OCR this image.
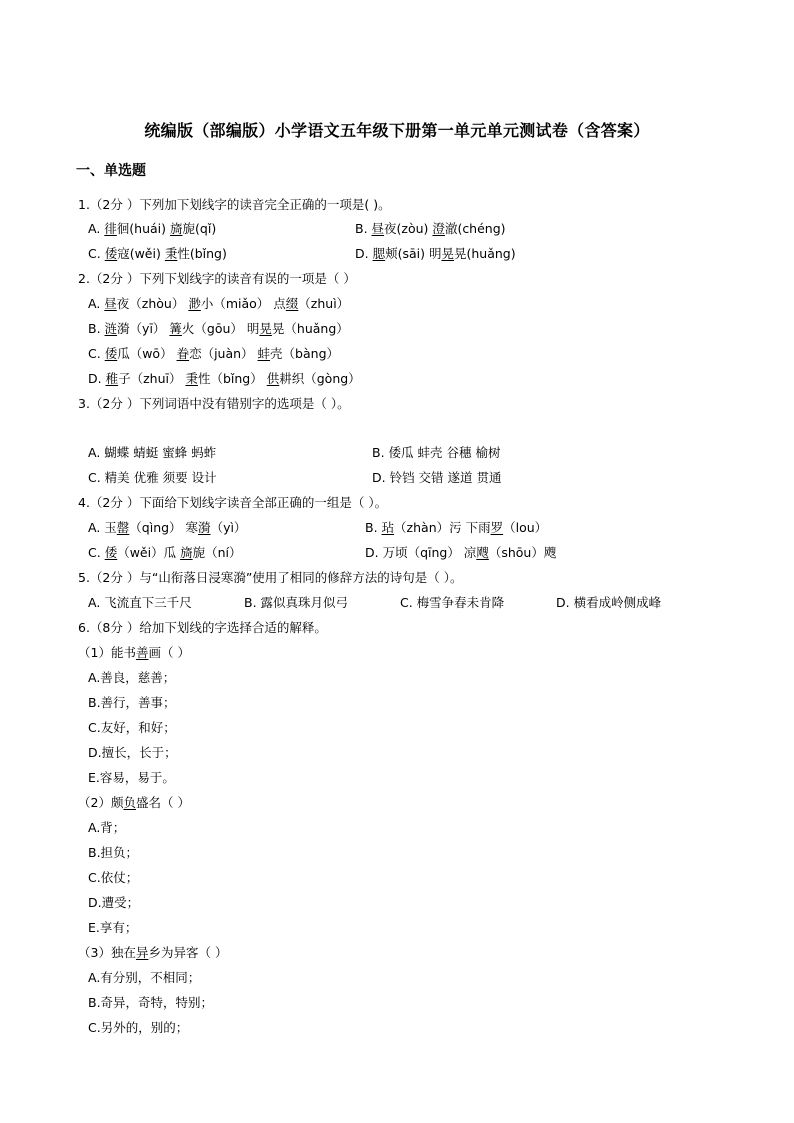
统编版（部编版）小学语文五年级下册第一单元单元测试卷（含答案）
一、单选题
1.（2分 ）下列加下划线字的读音完全正确的一项是( )。
A. 徘徊(huái) 旖旎(qǐ)	B. 昼夜(zòu) 澄澈(chéng)
C. 倭寇(wěi) 秉性(bǐng)	D. 腮颊(sāi) 明晃晃(huǎng)
2.（2分 ）下列下划线字的读音有误的一项是（ ）
A. 昼夜（zhòu） 渺小（miǎo） 点缀（zhuì）
B. 涟漪（yī） 篝火（gōu） 明晃晃（huǎng）
C. 倭瓜（wō） 眷恋（juàn） 蚌壳（bàng）
D. 稚子（zhuī） 秉性（bǐng） 供耕织（gòng）
3.（2分 ）下列词语中没有错别字的选项是（ ）。
A. 蝴蝶 蜻蜓 蜜蜂 蚂蚱	B. 倭瓜 蚌壳 谷穗 榆树
C. 精美 优雅 须要 设计	D. 铃铛 交错 遂道 贯通
4.（2分 ）下面给下划线字读音全部正确的一组是（ ）。
A. 玉罄（qìng） 寒漪（yì）	B. 玷（zhàn）污 下雨罗（lou）
C. 倭（wěi）瓜 旖旎（ní）	D. 万顷（qīng） 凉飕（shōu）飕
5.（2分 ）与“山衔落日浸寒漪”使用了相同的修辞方法的诗句是（ ）。
A. 飞流直下三千尺	B. 露似真珠月似弓	C. 梅雪争春未肯降	D. 横看成岭侧成峰
6.（8分 ）给加下划线的字选择合适的解释。
（1）能书善画（ ）
A.善良，慈善；
B.善行，善事；
C.友好，和好；
D.擅长，长于；
E.容易，易于。
（2）颇负盛名（ ）
A.背；
B.担负；
C.依仗；
D.遭受；
E.享有；
（3）独在异乡为异客（ ）
A.有分别，不相同；
B.奇异，奇特，特别；
C.另外的，别的；
